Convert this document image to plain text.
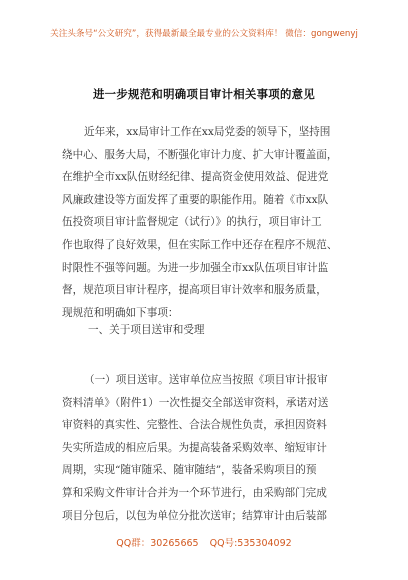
关注头条号“公文研究”，获得最新最全最专业的公文资料库！ 微信：gongwenyj
进一步规范和明确项目审计相关事项的意见
近年来，xx局审计工作在xx局党委的领导下，坚持围
绕中心、服务大局，不断强化审计力度、扩大审计覆盖面，
在维护全市xx队伍财经纪律、提高资金使用效益、促进党
风廉政建设等方面发挥了重要的职能作用。随着《市xx队
伍投资项目审计监督规定（试行）》的执行，项目审计工
作也取得了良好效果，但在实际工作中还存在程序不规范、
时限性不强等问题。为进一步加强全市xx队伍项目审计监
督，规范项目审计程序，提高项目审计效率和服务质量，
现规范和明确如下事项：
一、关于项目送审和受理
（一）项目送审。送审单位应当按照《项目审计报审
资料清单》（附件1）一次性提交全部送审资料，承诺对送
审资料的真实性、完整性、合法合规性负责，承担因资料
失实所造成的相应后果。为提高装备采购效率、缩短审计
周期，实现“随审随采、随审随结”，装备采购项目的预
算和采购文件审计合并为一个环节进行，由采购部门完成
项目分包后，以包为单位分批次送审；结算审计由后装部
QQ群：30265665 QQ号:535304092
